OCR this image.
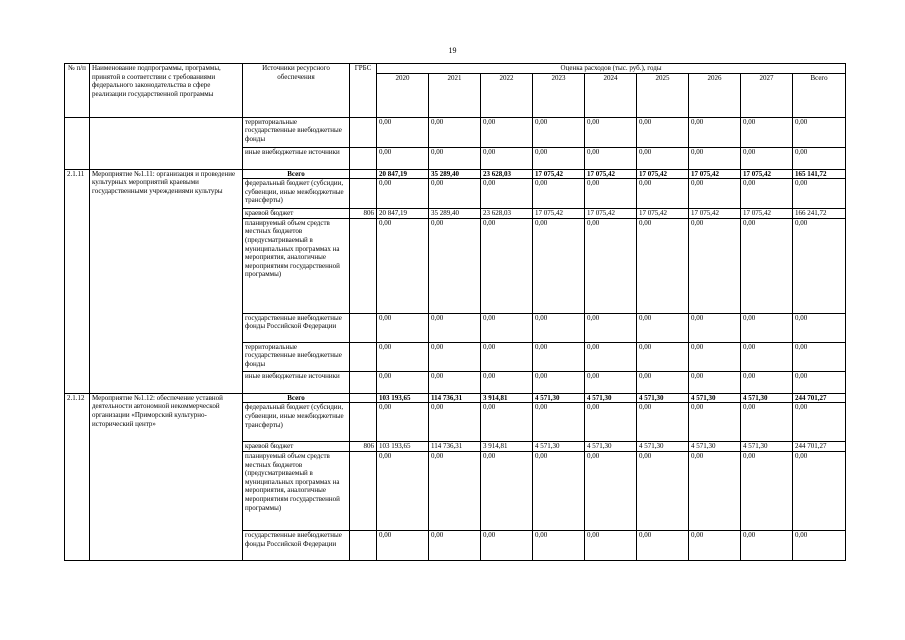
19
№ п/п	Наименование подпрограммы, программы, принятой в соответствии с требованиями федерального законодательства в сфере реализации государственной программы	Источники ресурсного обеспечения	ГРБС	Оценка расходов (тыс. руб.), годы								
				2020	2021	2022	2023	2024	2025	2026	2027	Всего
		территориальные государственные внебюджетные фонды		0,00	0,00	0,00	0,00	0,00	0,00	0,00	0,00	0,00
		иные внебюджетные источники		0,00	0,00	0,00	0,00	0,00	0,00	0,00	0,00	0,00
2.1.11	Мероприятие №1.11: организация и проведение культурных мероприятий краевыми государственными учреждениями культуры	Всего		20 847,19	35 289,40	23 628,03	17 075,42	17 075,42	17 075,42	17 075,42	17 075,42	165 141,72
		федеральный бюджет (субсидии, субвенции, иные межбюджетные трансферты)		0,00	0,00	0,00	0,00	0,00	0,00	0,00	0,00	0,00
		краевой бюджет	806	20 847,19	35 289,40	23 628,03	17 075,42	17 075,42	17 075,42	17 075,42	17 075,42	166 241,72
		планируемый объем средств местных бюджетов (предусматриваемый в муниципальных программах на мероприятия, аналогичные мероприятиям государственной программы)		0,00	0,00	0,00	0,00	0,00	0,00	0,00	0,00	0,00
		государственные внебюджетные фонды Российской Федерации		0,00	0,00	0,00	0,00	0,00	0,00	0,00	0,00	0,00
		территориальные государственные внебюджетные фонды		0,00	0,00	0,00	0,00	0,00	0,00	0,00	0,00	0,00
		иные внебюджетные источники		0,00	0,00	0,00	0,00	0,00	0,00	0,00	0,00	0,00
2.1.12	Мероприятие №1.12: обеспечение уставной деятельности автономной некоммерческой организации «Приморский культурно-исторический центр»	Всего		103 193,65	114 736,31	3 914,81	4 571,30	4 571,30	4 571,30	4 571,30	4 571,30	244 701,27
		федеральный бюджет (субсидии, субвенции, иные межбюджетные трансферты)		0,00	0,00	0,00	0,00	0,00	0,00	0,00	0,00	0,00
		краевой бюджет	806	103 193,65	114 736,31	3 914,81	4 571,30	4 571,30	4 571,30	4 571,30	4 571,30	244 701,27
		планируемый объем средств местных бюджетов (предусматриваемый в муниципальных программах на мероприятия, аналогичные мероприятиям государственной программы)		0,00	0,00	0,00	0,00	0,00	0,00	0,00	0,00	0,00
		государственные внебюджетные фонды Российской Федерации		0,00	0,00	0,00	0,00	0,00	0,00	0,00	0,00	0,00
